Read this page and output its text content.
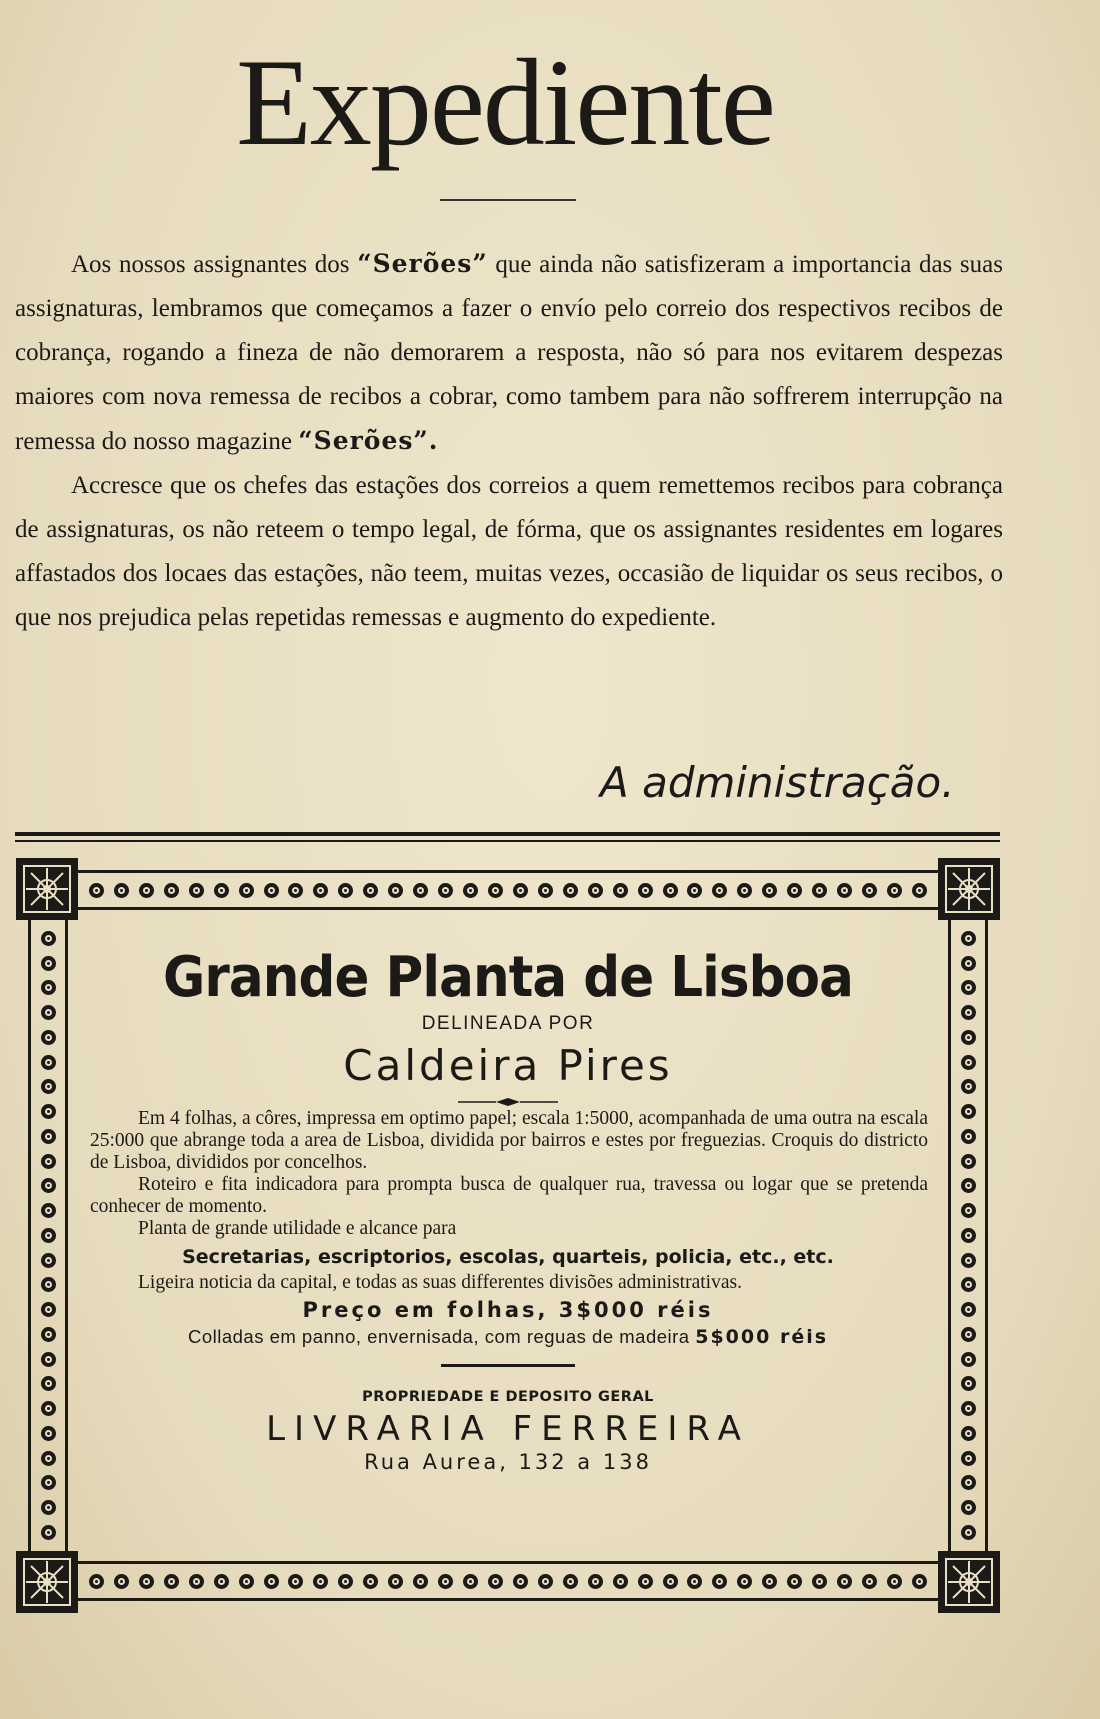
Expediente

Aos nossos assignantes dos “Serões” que ainda não satisfizeram a importancia das suas assignaturas, lembramos que começamos a fazer o envío pelo correio dos respectivos recibos de cobrança, rogando a fineza de não demorarem a resposta, não só para nos evitarem despezas maiores com nova remessa de recibos a cobrar, como tambem para não soffrerem interrupção na remessa do nosso magazine “Serões”.

Accresce que os chefes das estações dos correios a quem remettemos recibos para cobrança de assignaturas, os não reteem o tempo legal, de fórma, que os assignantes residentes em logares affastados dos locaes das estações, não teem, muitas vezes, occasião de liquidar os seus recibos, o que nos prejudica pelas repetidas remessas e augmento do expediente.

A administração.
Grande Planta de Lisboa
DELINEADA POR
Caldeira Pires

Em 4 folhas, a côres, impressa em optimo papel; escala 1:5000, acompanhada de uma outra na escala 25:000 que abrange toda a area de Lisboa, dividida por bairros e estes por freguezias. Croquis do districto de Lisboa, divididos por concelhos.

Roteiro e fita indicadora para prompta busca de qualquer rua, travessa ou logar que se pretenda conhecer de momento.

Planta de grande utilidade e alcance para

Secretarias, escriptorios, escolas, quarteis, policia, etc., etc.

Ligeira noticia da capital, e todas as suas differentes divisões administrativas.

Preço em folhas, 3$000 réis
Colladas em panno, envernisada, com reguas de madeira 5$000 réis
PROPRIEDADE E DEPOSITO GERAL
LIVRARIA FERREIRA
Rua Aurea, 132 a 138
